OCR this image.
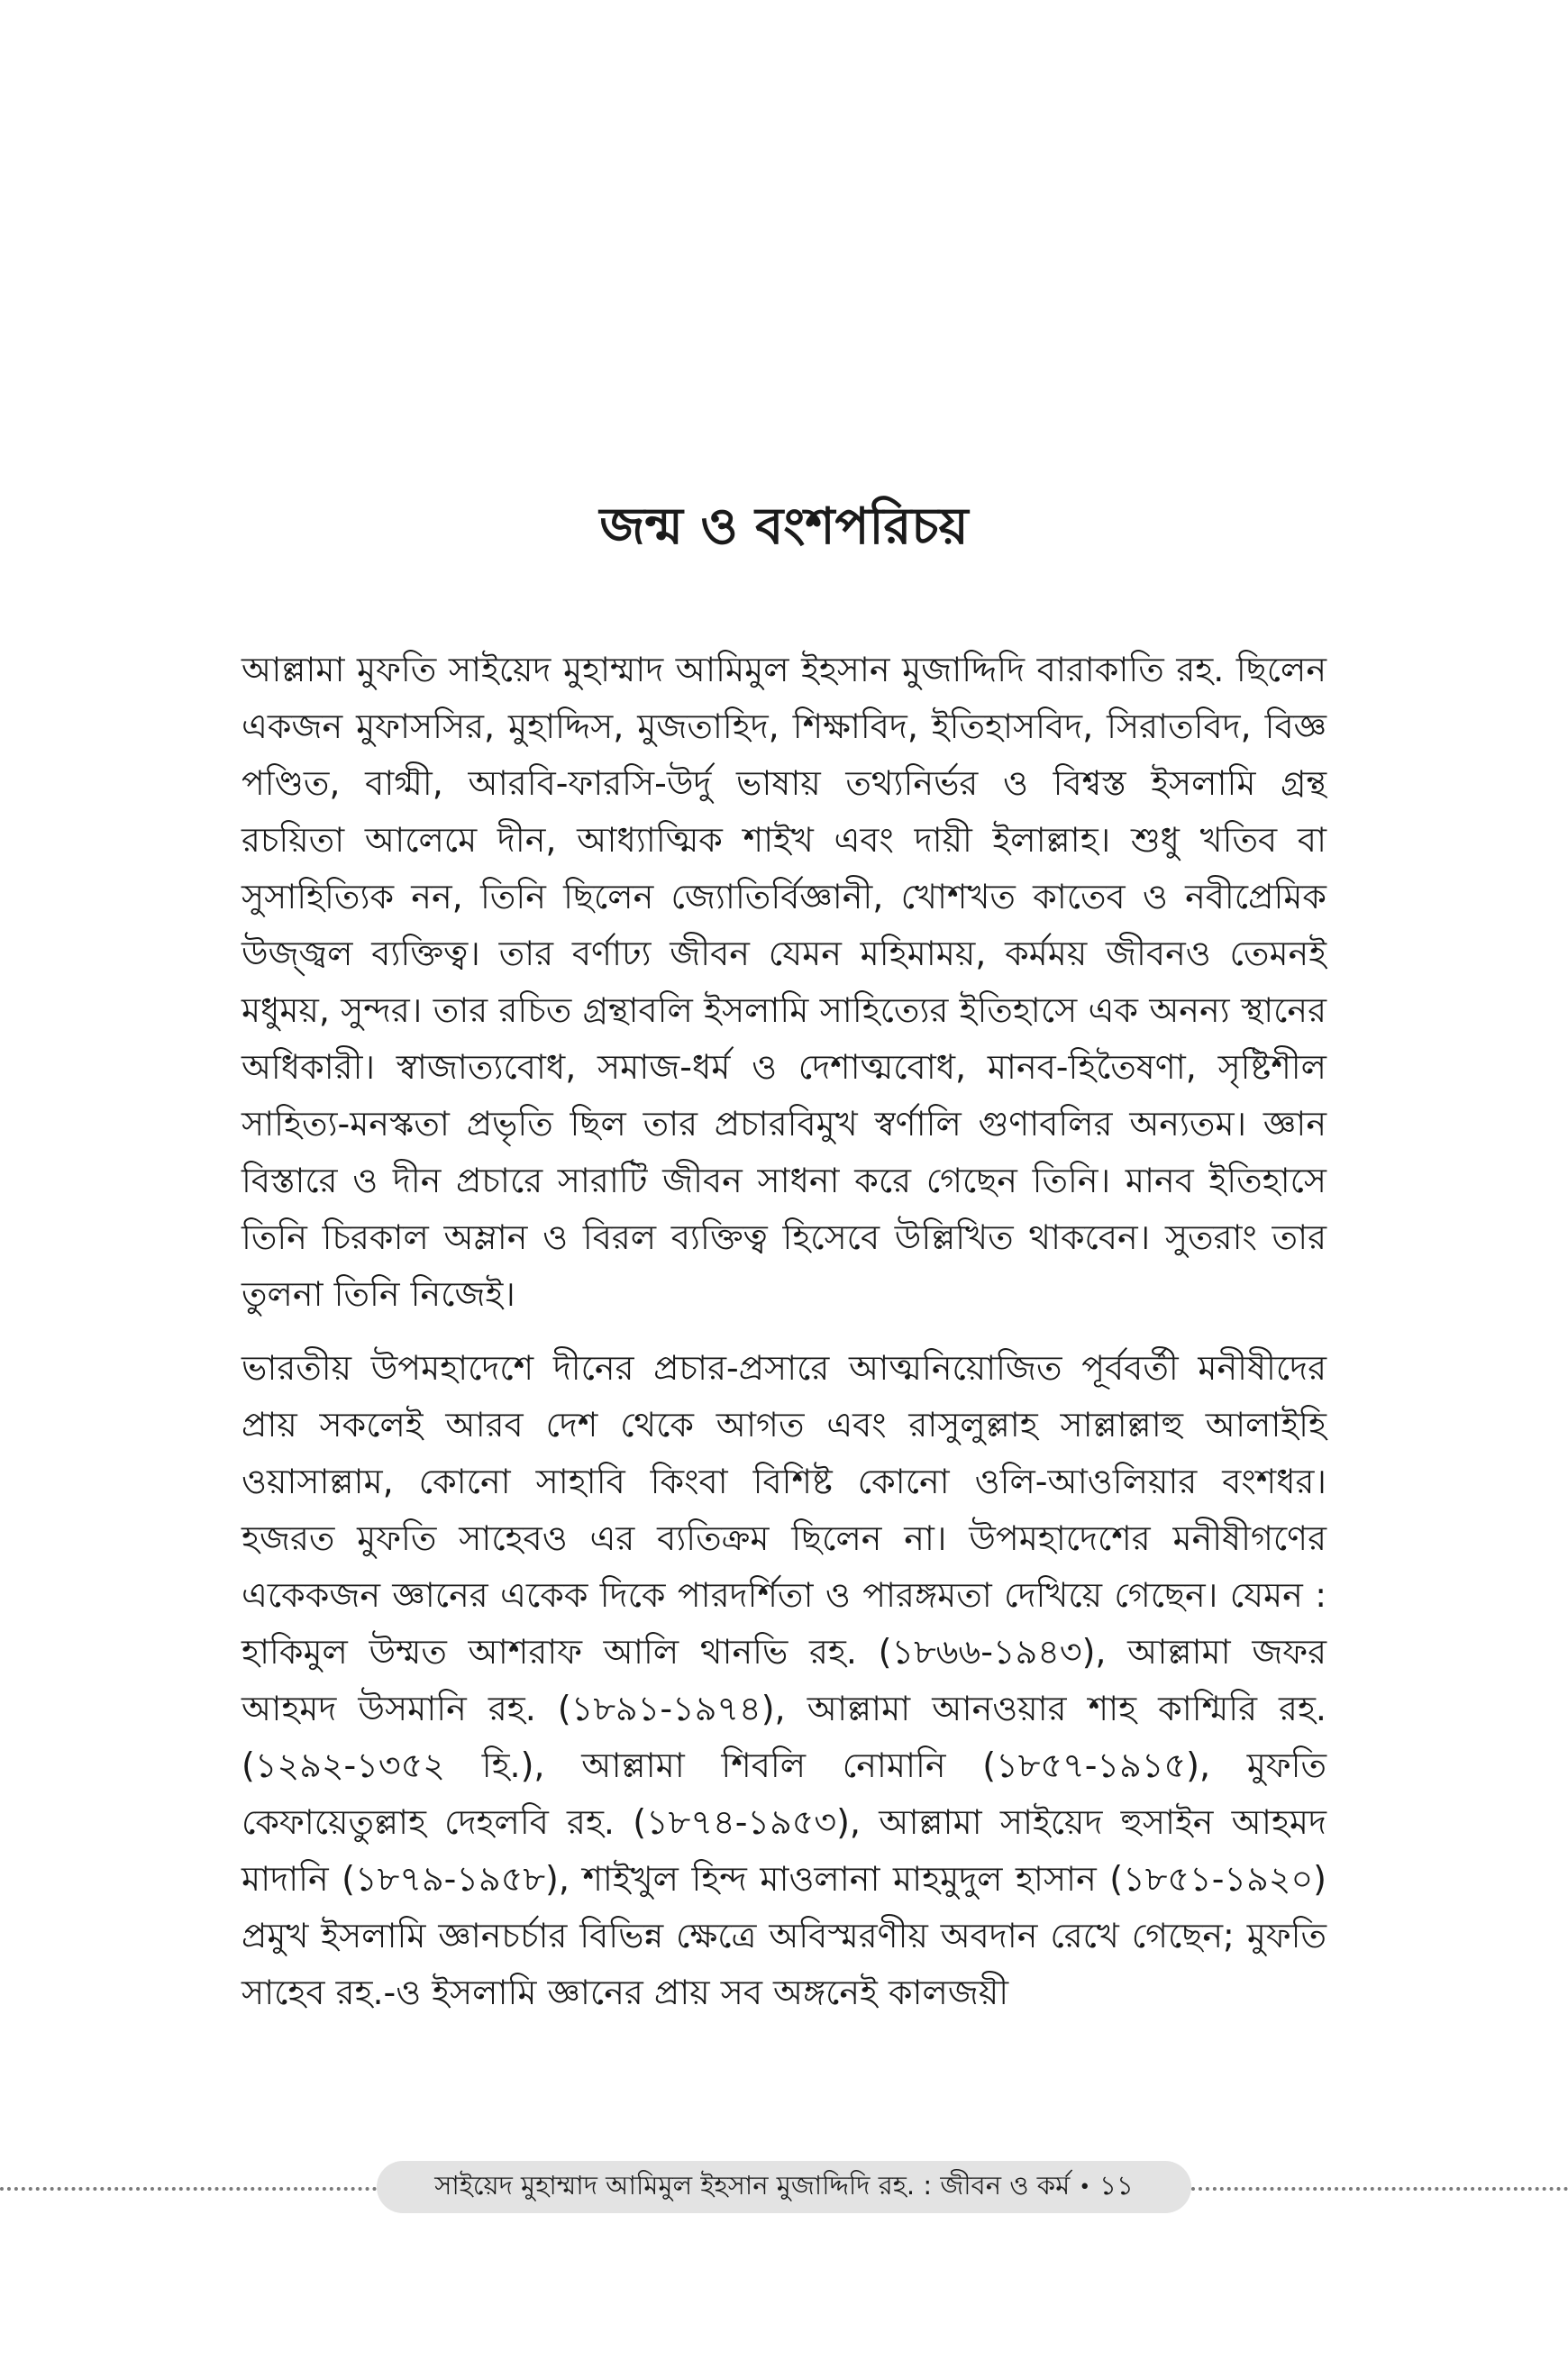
জন্ম ও বংশপরিচয়

আল্লামা মুফতি সাইয়েদ মুহাম্মাদ আমিমুল ইহসান মুজাদ্দিদি বারাকাতি রহ. ছিলেন একজন মুফাসসির, মুহাদ্দিস, মুজতাহিদ, শিক্ষাবিদ, ইতিহাসবিদ, সিরাতবিদ, বিজ্ঞ পণ্ডিত, বাগ্মী, আরবি-ফারসি-উর্দু ভাষায় তথ্যনির্ভর ও বিশ্বস্ত ইসলামি গ্রন্থ রচয়িতা আলেমে দীন, আধ্যাত্মিক শাইখ এবং দায়ী ইলাল্লাহ। শুধু খতিব বা সুসাহিত্যিক নন, তিনি ছিলেন জ্যোতির্বিজ্ঞানী, খোশখত কাতেব ও নবীপ্রেমিক উজ্জ্বল ব্যক্তিত্ব। তার বর্ণাঢ্য জীবন যেমন মহিমাময়, কর্মময় জীবনও তেমনই মধুময়, সুন্দর। তার রচিত গ্রন্থাবলি ইসলামি সাহিত্যের ইতিহাসে এক অনন্য স্থানের অধিকারী। স্বাজাত্যবোধ, সমাজ-ধর্ম ও দেশাত্মবোধ, মানব-হিতৈষণা, সৃষ্টিশীল সাহিত্য-মনস্কতা প্রভৃতি ছিল তার প্রচারবিমুখ স্বর্ণালি গুণাবলির অন্যতম। জ্ঞান বিস্তারে ও দীন প্রচারে সারাটি জীবন সাধনা করে গেছেন তিনি। মানব ইতিহাসে তিনি চিরকাল অম্লান ও বিরল ব্যক্তিত্ব হিসেবে উল্লিখিত থাকবেন। সুতরাং তার তুলনা তিনি নিজেই।

ভারতীয় উপমহাদেশে দীনের প্রচার-প্রসারে আত্মনিয়োজিত পূর্ববর্তী মনীষীদের প্রায় সকলেই আরব দেশ থেকে আগত এবং রাসুলুল্লাহ সাল্লাল্লাহু আলাইহি ওয়াসাল্লাম, কোনো সাহাবি কিংবা বিশিষ্ট কোনো ওলি-আওলিয়ার বংশধর। হজরত মুফতি সাহেবও এর ব্যতিক্রম ছিলেন না। উপমহাদেশের মনীষীগণের একেকজন জ্ঞানের একেক দিকে পারদর্শিতা ও পারঙ্গমতা দেখিয়ে গেছেন। যেমন : হাকিমুল উম্মত আশরাফ আলি থানভি রহ. (১৮৬৬-১৯৪৩), আল্লামা জফর আহমদ উসমানি রহ. (১৮৯১-১৯৭৪), আল্লামা আনওয়ার শাহ কাশ্মিরি রহ. (১২৯২-১৩৫২ হি.), আল্লামা শিবলি নোমানি (১৮৫৭-১৯১৫), মুফতি কেফায়েতুল্লাহ দেহলবি রহ. (১৮৭৪-১৯৫৩), আল্লামা সাইয়েদ হুসাইন আহমদ মাদানি (১৮৭৯-১৯৫৮), শাইখুল হিন্দ মাওলানা মাহমুদুল হাসান (১৮৫১-১৯২০) প্রমুখ ইসলামি জ্ঞানচর্চার বিভিন্ন ক্ষেত্রে অবিস্মরণীয় অবদান রেখে গেছেন; মুফতি সাহেব রহ.-ও ইসলামি জ্ঞানের প্রায় সব অঙ্গনেই কালজয়ী

সাইয়েদ মুহাম্মাদ আমিমুল ইহসান মুজাদ্দিদি রহ. : জীবন ও কর্ম • ১১
